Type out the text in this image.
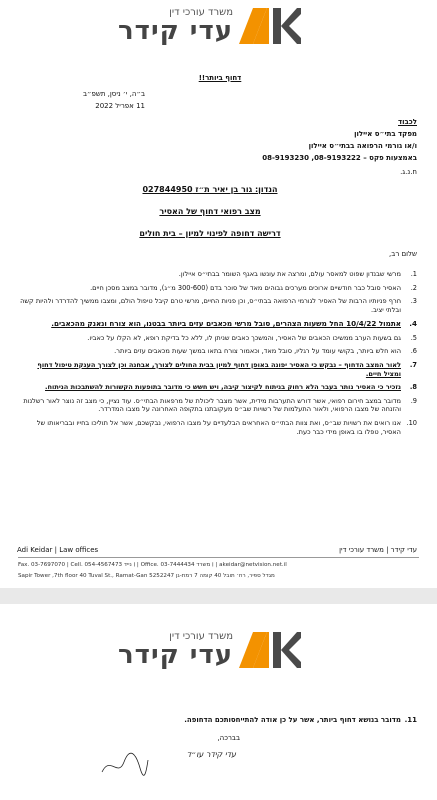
משרד עורכי דין
עדי קידר
דחוף ביותר!!
ב״ה, י׳ ניסן, תשפ״ב
11 אפריל 2022
לכבוד
מפקד בתי״ס איילון
ו/או גורמי הרפואה בבתי״ס איילון
באמצעות פקס – 08-9193222, 08-9193230
ח.נ.ג.
הנדון: גור בן יאיר ת״ז 027844950
מצב רפואי דחוף של האסיר
דרישה דחופה לפינוי למיון – בית חולים
שלום רב,
1.
מרשי שבנדון שפוט למאסר עולם, ומרצה את עונשו באגף השומר בבתי״ס איילון.
2.
האסיר סובל כבר חודשיים ארוכים מערכים גבוהים מאד של סוכר בדם (300-600 מ״ג), מדובר במצב מסכן חיים.
3.
חרף פניותיו הרבות של האסיר לגורמי הרפואה בבתי״ס, וכן פניות החיים, מרשי טרם קיבל טיפול הולם, ומצבו ממשיך להדרדר ולהיות קשה ובלתי יציב.
4.
אתמול 10/4/22 החל משעות הצהרים, סובל מרשי מכאבים עזים ביותר בבטנו, הוא צורח ונאנק מהכאבים.
5.
גם בשעות הערב ממשיכו הכאבים של האסיר, והמשכך כאבים שניתן לו, ללא כל בדיקת רופא, לא הקלו על כאביו.
6.
הוא חלש ביותר, בקושי עומד על רגליו, סובל מאד, וכאמור צורח בתאו במשך שעות מכאבים עזים ביותר.
7.
לאור המצב הדחוף – נבקש כי האסיר יפונה באופן דחוף למיון בבית החולים לצורך, אבחנה וכן לצורך הענקת טיפול דחוף ומציל חיים.
8.
נזכיר כי האסיר נותר בעבר הלא רחוק בניתוח לקיצור קיבה, ויש חשש כי מדובר בתופעות הקשורות להשתבכות הניתוח.
9.
מדובר במצב חירום רפואי, אשר דורש התערבות מידית, אשר מצבר ליכולת של מרפאות הבתי״ס. עוד נציין, כי מצב זה נוצר לאור רשלנות והזנחה של מצבו הרפואי, ולאור התעלמות של רשויות שב״ס מעקובתנו בתקופה האחרונה על מצבו המדרדר.
10.
אנו רואים את רשויות שב״ס, ואת צוות הבתי״ס האחראים הבלעדיים על מצבו הרפואי, נבקשכם, אשר אל תוליכו בחייו ובבריאותו של האסיר, טפלו בו באופן מידי כבר כעת.
Adi Keidar | Law offices	עדי קידר | משרד עורכי דין
Fax. 03-7697070 | Cell. 054-4567473 ׀ נייד | Office. 03-7444434 ׀ משרד | akeidar@netvision.net.il
Sapir Tower ,7th floor 40 Tuval St., Ramat-Gan 5252247 מגדל ספיר, רח׳ תובל 40 קומה 7 רמת-גן
משרד עורכי דין
עדי קידר
11.
מדובר בנושא דחוף ביותר, אשר על כן אודה להתייחסותכם הדחופה.
בברכה,
עדי קידר עו״ד
